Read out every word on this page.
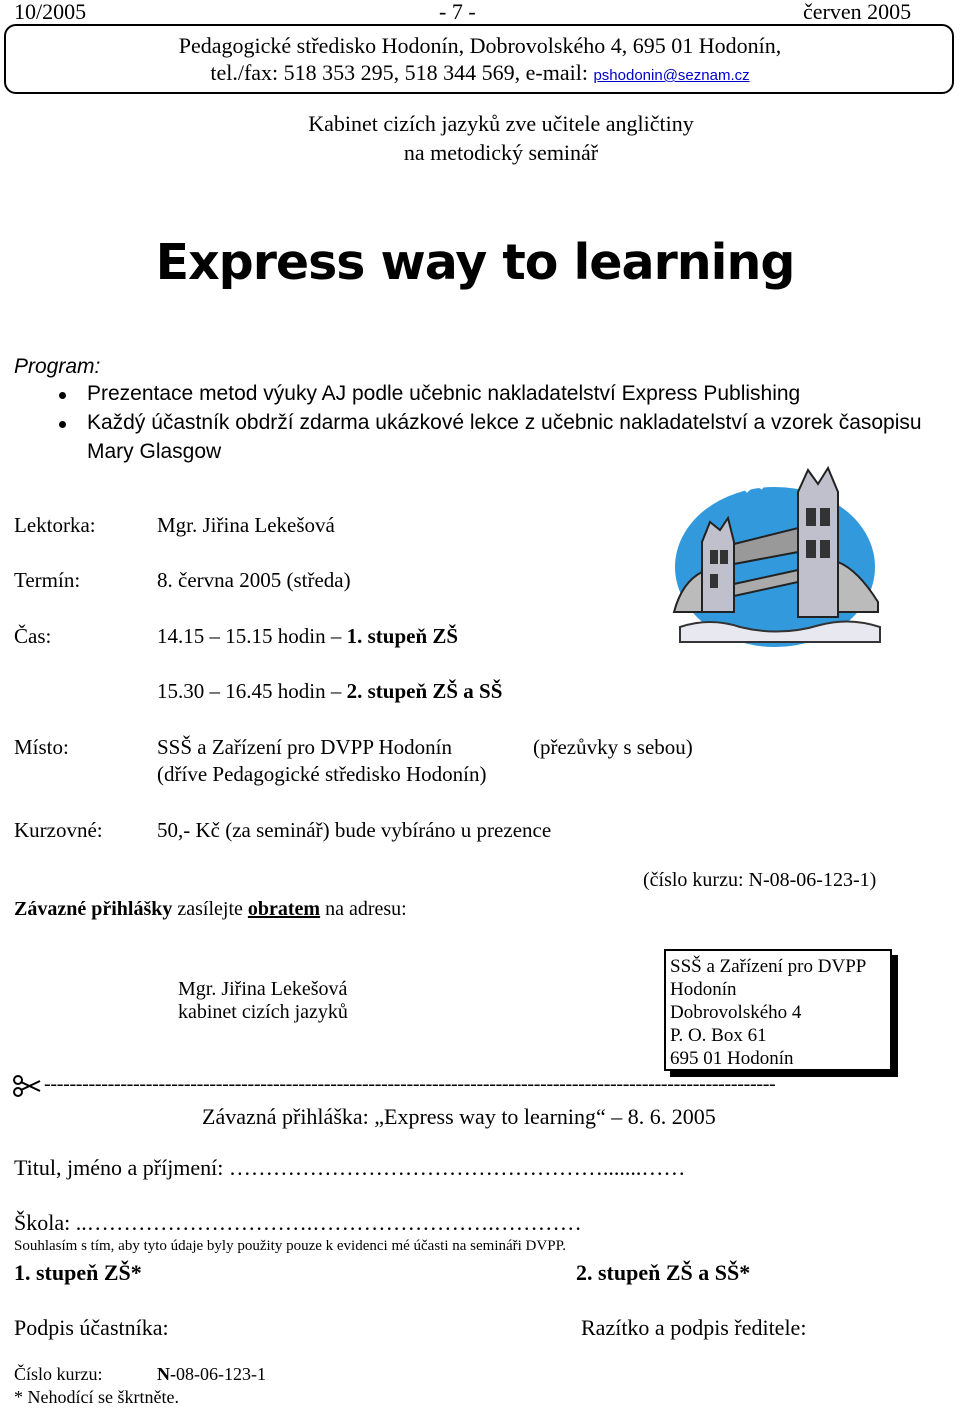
10/2005	- 7 -	červen 2005
Pedagogické středisko Hodonín, Dobrovolského 4, 695 01 Hodonín,
tel./fax: 518 353 295, 518 344 569, e-mail: pshodonin@seznam.cz
Kabinet cizích jazyků zve učitele angličtiny
na metodický seminář
Express way to learning
Program:
Prezentace metod výuky AJ podle učebnic nakladatelství Express Publishing
Každý účastník obdrží zdarma ukázkové lekce z učebnic nakladatelství a vzorek časopisu
Mary Glasgow
Lektorka:	Mgr. Jiřina Lekešová
Termín:	8. června 2005 (středa)
Čas:	14.15 – 15.15 hodin – 1. stupeň ZŠ
15.30 – 16.45 hodin – 2. stupeň ZŠ a SŠ
Místo:	SSŠ a Zařízení pro DVPP Hodonín	(přezůvky s sebou)
(dříve Pedagogické středisko Hodonín)
Kurzovné:	50,- Kč (za seminář) bude vybíráno u prezence
(číslo kurzu: N-08-06-123-1)
Závazné přihlášky zasílejte obratem na adresu:
Mgr. Jiřina Lekešová
kabinet cizích jazyků
SSŠ a Zařízení pro DVPP
Hodonín
Dobrovolského 4
P. O. Box 61
695 01 Hodonín
-------------------------------------------------------------------------------------------------------------------
Závazná přihláška: „Express way to learning“ – 8. 6. 2005
Titul, jméno a příjmení: …………………………………………….......……
Škola: ..………………………….…………………….…………
Souhlasím s tím, aby tyto údaje byly použity pouze k evidenci mé účasti na semináři DVPP.
1. stupeň ZŠ*	2. stupeň ZŠ a SŠ*
Podpis účastníka:	Razítko a podpis ředitele:
Číslo kurzu:	N-08-06-123-1
* Nehodící se škrtněte.
